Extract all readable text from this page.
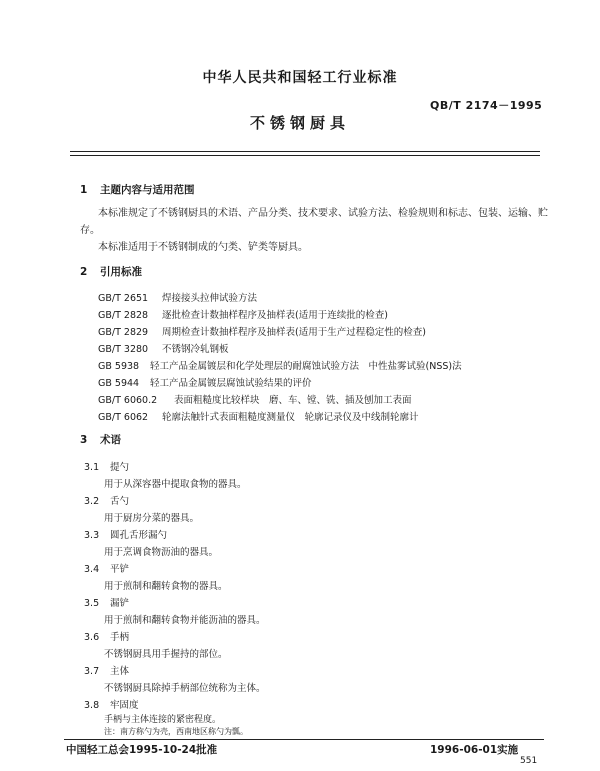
中华人民共和国轻工行业标准
QB/T 2174－1995
不锈钢厨具
1 主题内容与适用范围
本标准规定了不锈钢厨具的术语、产品分类、技术要求、试验方法、检验规则和标志、包装、运输、贮
存。
本标准适用于不锈钢制成的勺类、铲类等厨具。
2 引用标准
GB/T 2651 焊接接头拉伸试验方法
GB/T 2828 逐批检查计数抽样程序及抽样表(适用于连续批的检查)
GB/T 2829 周期检查计数抽样程序及抽样表(适用于生产过程稳定性的检查)
GB/T 3280 不锈钢冷轧钢板
GB 5938 轻工产品金属镀层和化学处理层的耐腐蚀试验方法　中性盐雾试验(NSS)法
GB 5944 轻工产品金属镀层腐蚀试验结果的评价
GB/T 6060.2 表面粗糙度比较样块　磨、车、镗、铣、插及刨加工表面
GB/T 6062 轮廓法触针式表面粗糙度测量仪　轮廓记录仪及中线制轮廓计
3 术语
3.1 提勺
用于从深容器中提取食物的器具。
3.2 舌勺
用于厨房分菜的器具。
3.3 圆孔舌形漏勺
用于烹调食物沥油的器具。
3.4 平铲
用于煎制和翻转食物的器具。
3.5 漏铲
用于煎制和翻转食物并能沥油的器具。
3.6 手柄
不锈钢厨具用手握持的部位。
3.7 主体
不锈钢厨具除掉手柄部位统称为主体。
3.8 牢固度
手柄与主体连接的紧密程度。
注：南方称勺为壳，西南地区称勺为瓢。
中国轻工总会1995-10-24批准	1996-06-01实施
551
